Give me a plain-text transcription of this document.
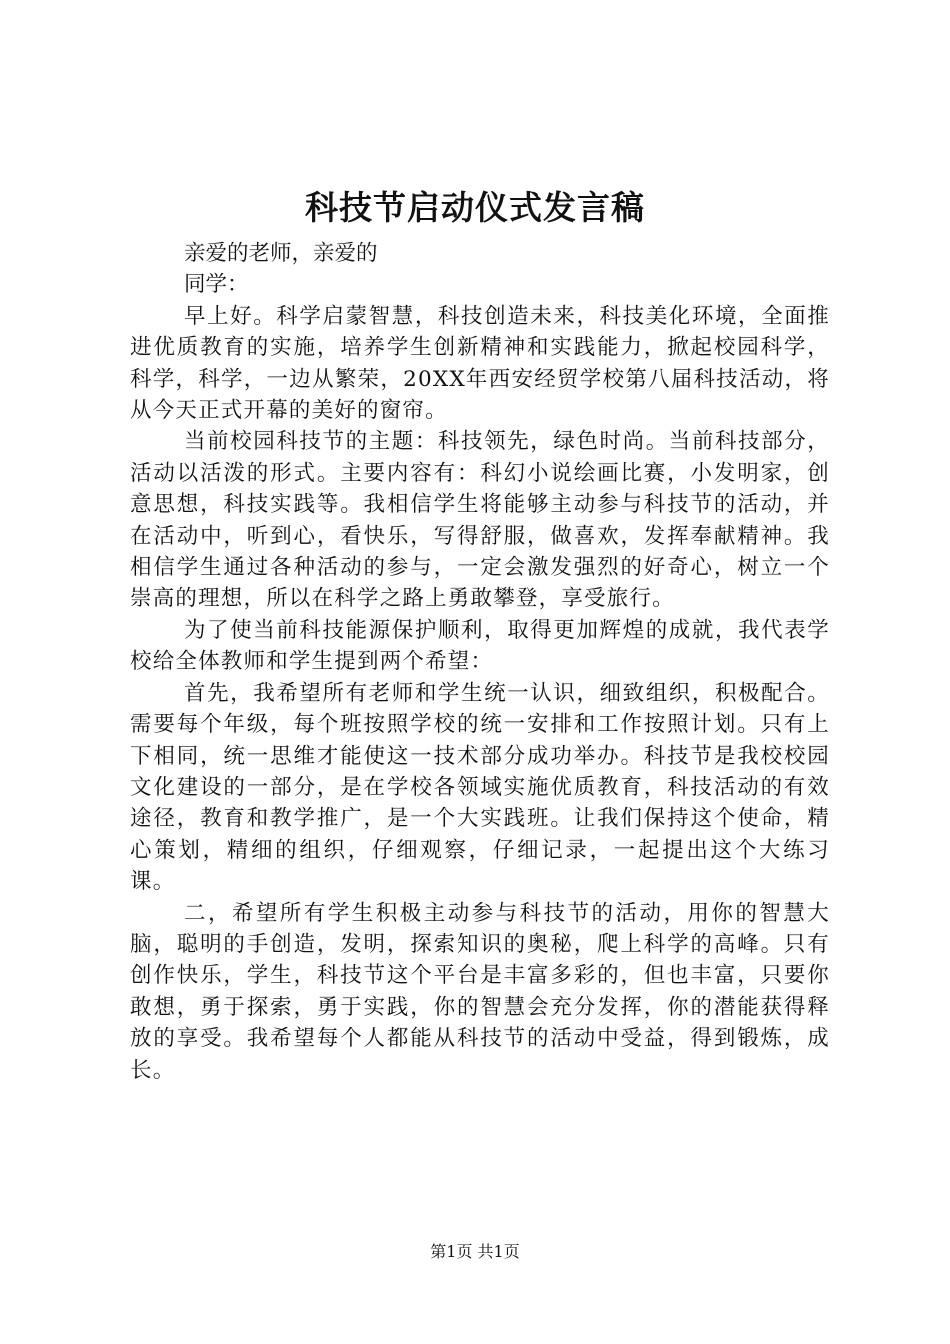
科技节启动仪式发言稿

亲爱的老师，亲爱的

同学：

早上好。科学启蒙智慧，科技创造未来，科技美化环境，全面推进优质教育的实施，培养学生创新精神和实践能力，掀起校园科学，科学，科学，一边从繁荣，20XX年西安经贸学校第八届科技活动，将从今天正式开幕的美好的窗帘。

当前校园科技节的主题：科技领先，绿色时尚。当前科技部分，活动以活泼的形式。主要内容有：科幻小说绘画比赛，小发明家，创意思想，科技实践等。我相信学生将能够主动参与科技节的活动，并在活动中，听到心，看快乐，写得舒服，做喜欢，发挥奉献精神。我相信学生通过各种活动的参与，一定会激发强烈的好奇心，树立一个崇高的理想，所以在科学之路上勇敢攀登，享受旅行。

为了使当前科技能源保护顺利，取得更加辉煌的成就，我代表学校给全体教师和学生提到两个希望：

首先，我希望所有老师和学生统一认识，细致组织，积极配合。需要每个年级，每个班按照学校的统一安排和工作按照计划。只有上下相同，统一思维才能使这一技术部分成功举办。科技节是我校校园文化建设的一部分，是在学校各领域实施优质教育，科技活动的有效途径，教育和教学推广，是一个大实践班。让我们保持这个使命，精心策划，精细的组织，仔细观察，仔细记录，一起提出这个大练习课。

二，希望所有学生积极主动参与科技节的活动，用你的智慧大脑，聪明的手创造，发明，探索知识的奥秘，爬上科学的高峰。只有创作快乐，学生，科技节这个平台是丰富多彩的，但也丰富，只要你敢想，勇于探索，勇于实践，你的智慧会充分发挥，你的潜能获得释放的享受。我希望每个人都能从科技节的活动中受益，得到锻炼，成长。

第1页 共1页
